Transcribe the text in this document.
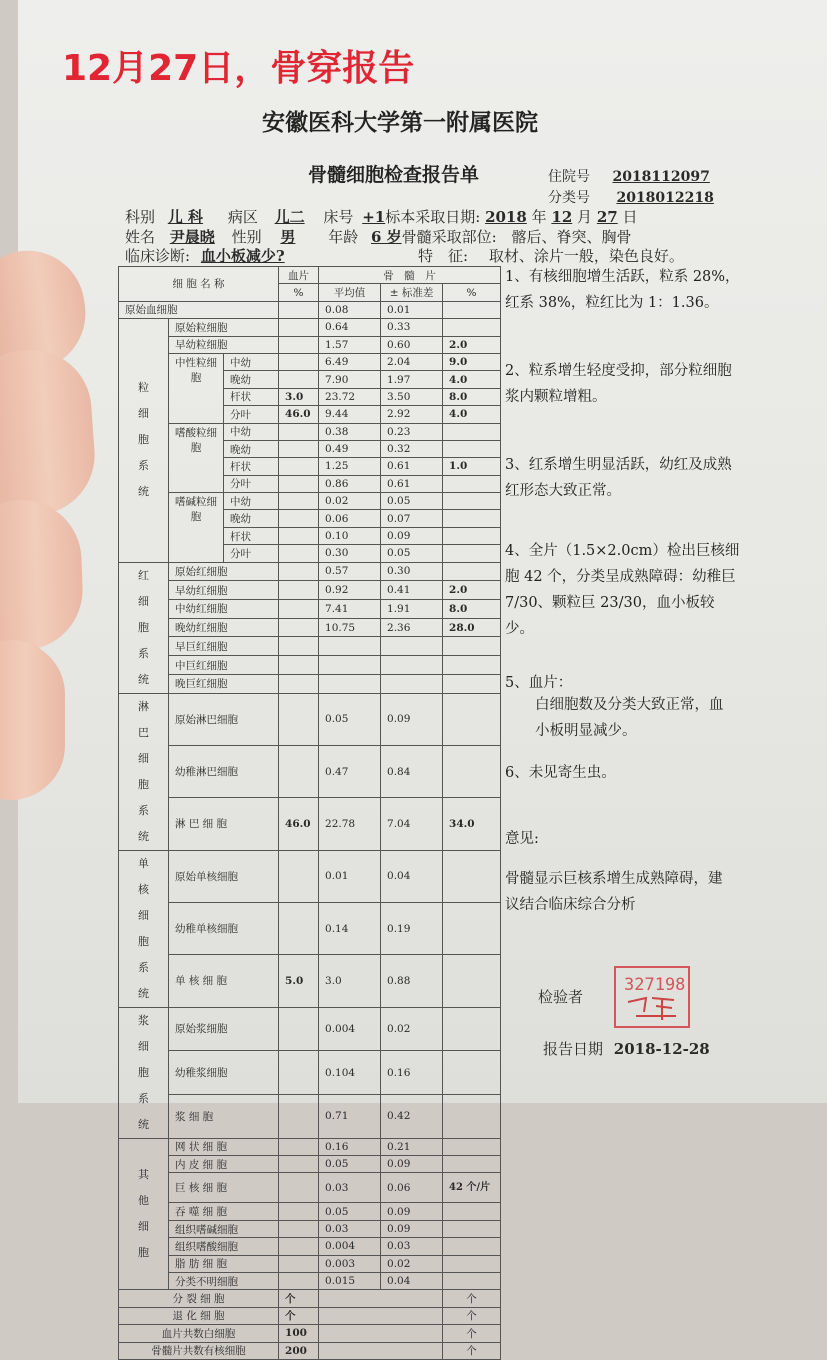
12月27日，骨穿报告
安徽医科大学第一附属医院
骨髓细胞检查报告单	住院号 2018112097
分类号 2018012218
科别 儿 科 病区 儿二 床号 +1标本采取日期: 2018 年 12 月 27 日
姓名 尹晨晓 性别 男 年龄 6 岁骨髓采取部位: 髂后、脊突、胸骨
临床诊断: 血小板减少?	特　征: 取材、涂片一般，染色良好。
细 胞 名 称			血片	骨　髓　片		
			%	平均值	± 标准差	%
原始血细胞				0.08	0.01	
粒细胞系统	原始粒细胞			0.64	0.33	
	早幼粒细胞			1.57	0.60	2.0
	中性粒细胞	中幼		6.49	2.04	9.0
		晚幼		7.90	1.97	4.0
		杆状	3.0	23.72	3.50	8.0
		分叶	46.0	9.44	2.92	4.0
	嗜酸粒细胞	中幼		0.38	0.23	
		晚幼		0.49	0.32	
		杆状		1.25	0.61	1.0
		分叶		0.86	0.61	
	嗜碱粒细胞	中幼		0.02	0.05	
		晚幼		0.06	0.07	
		杆状		0.10	0.09	
		分叶		0.30	0.05	
红细胞系统	原始红细胞			0.57	0.30	
	早幼红细胞			0.92	0.41	2.0
	中幼红细胞			7.41	1.91	8.0
	晚幼红细胞			10.75	2.36	28.0
	早巨红细胞					
	中巨红细胞					
	晚巨红细胞					
淋巴细胞系统	原始淋巴细胞			0.05	0.09	
	幼稚淋巴细胞			0.47	0.84	
	淋 巴 细 胞		46.0	22.78	7.04	34.0
单核细胞系统	原始单核细胞			0.01	0.04	
	幼稚单核细胞			0.14	0.19	
	单 核 细 胞		5.0	3.0	0.88	
浆细胞系统	原始浆细胞			0.004	0.02	
	幼稚浆细胞			0.104	0.16	
	浆 细 胞			0.71	0.42	
其他细胞	网 状 细 胞			0.16	0.21	
	内 皮 细 胞			0.05	0.09	
	巨 核 细 胞			0.03	0.06	42 个/片
	吞 噬 细 胞			0.05	0.09	
	组织嗜碱细胞			0.03	0.09	
	组织嗜酸细胞			0.004	0.03	
	脂 肪 细 胞			0.003	0.02	
	分类不明细胞			0.015	0.04	
分 裂 细 胞			个			个
退 化 细 胞			个			个
血片共数白细胞			100			个
骨髓片共数有核细胞			200			个
1、有核细胞增生活跃，粒系 28%，红系 38%，粒红比为 1：1.36。
2、粒系增生轻度受抑，部分粒细胞浆内颗粒增粗。
3、红系增生明显活跃，幼红及成熟红形态大致正常。
4、全片（1.5×2.0cm）检出巨核细胞 42 个，分类呈成熟障碍：幼稚巨 7/30、颗粒巨 23/30，血小板较少。
5、血片：
白细胞数及分类大致正常，血小板明显减少。
6、未见寄生虫。
意见:
骨髓显示巨核系增生成熟障碍，建议结合临床综合分析
检验者
327198
报告日期 2018-12-28
